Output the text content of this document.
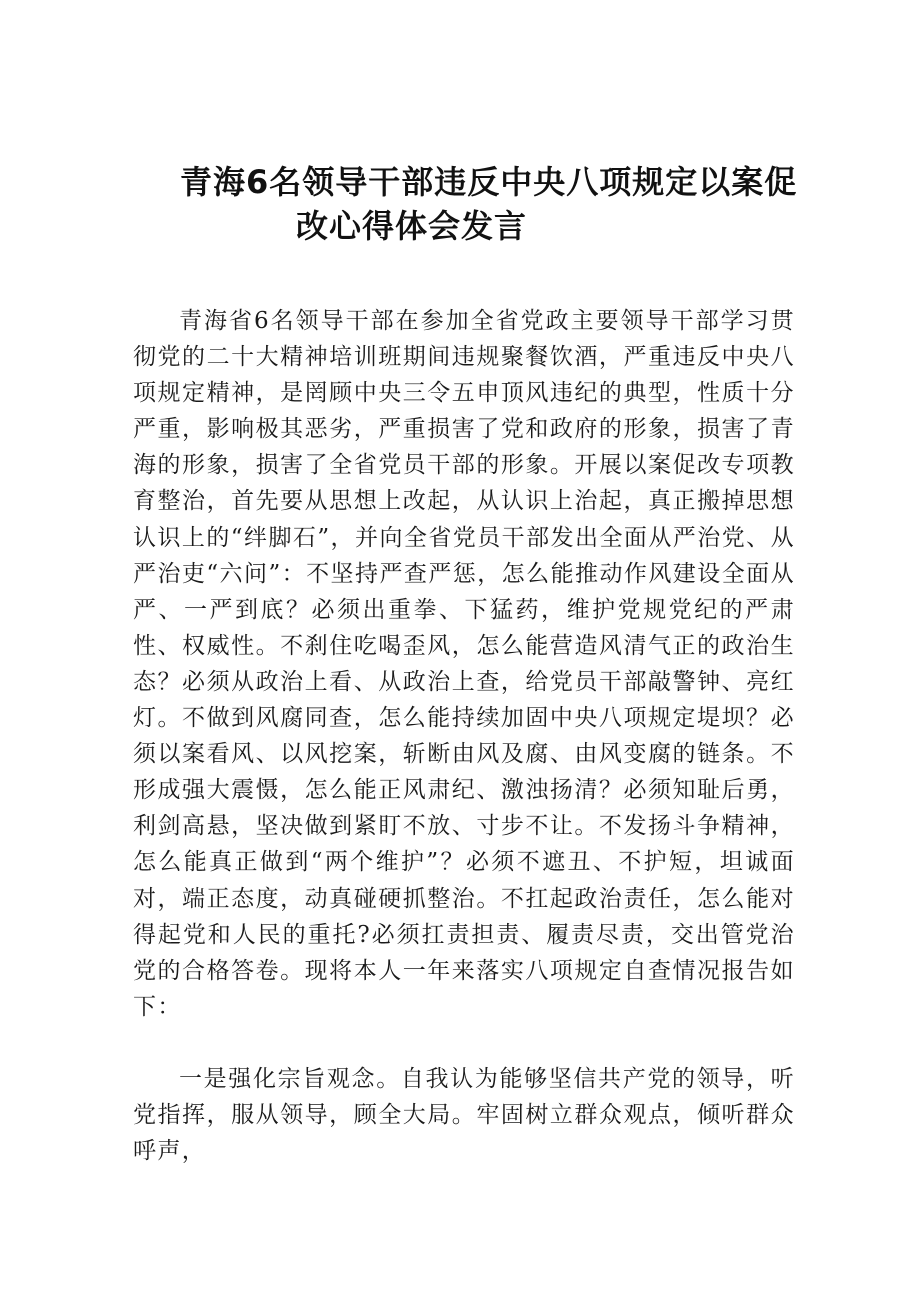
青海6名领导干部违反中央八项规定以案促
改心得体会发言

青海省6名领导干部在参加全省党政主要领导干部学习贯彻党的二十大精神培训班期间违规聚餐饮酒，严重违反中央八项规定精神，是罔顾中央三令五申顶风违纪的典型，性质十分严重，影响极其恶劣，严重损害了党和政府的形象，损害了青海的形象，损害了全省党员干部的形象。开展以案促改专项教育整治，首先要从思想上改起，从认识上治起，真正搬掉思想认识上的“绊脚石”，并向全省党员干部发出全面从严治党、从严治吏“六问”：不坚持严查严惩，怎么能推动作风建设全面从严、一严到底？必须出重拳、下猛药，维护党规党纪的严肃性、权威性。不刹住吃喝歪风，怎么能营造风清气正的政治生态？必须从政治上看、从政治上查，给党员干部敲警钟、亮红灯。不做到风腐同查，怎么能持续加固中央八项规定堤坝？必须以案看风、以风挖案，斩断由风及腐、由风变腐的链条。不形成强大震慑，怎么能正风肃纪、激浊扬清？必须知耻后勇，利剑高悬，坚决做到紧盯不放、寸步不让。不发扬斗争精神，怎么能真正做到“两个维护”？必须不遮丑、不护短，坦诚面对，端正态度，动真碰硬抓整治。不扛起政治责任，怎么能对得起党和人民的重托?必须扛责担责、履责尽责，交出管党治党的合格答卷。现将本人一年来落实八项规定自查情况报告如下：

一是强化宗旨观念。自我认为能够坚信共产党的领导，听党指挥，服从领导，顾全大局。牢固树立群众观点，倾听群众呼声，
